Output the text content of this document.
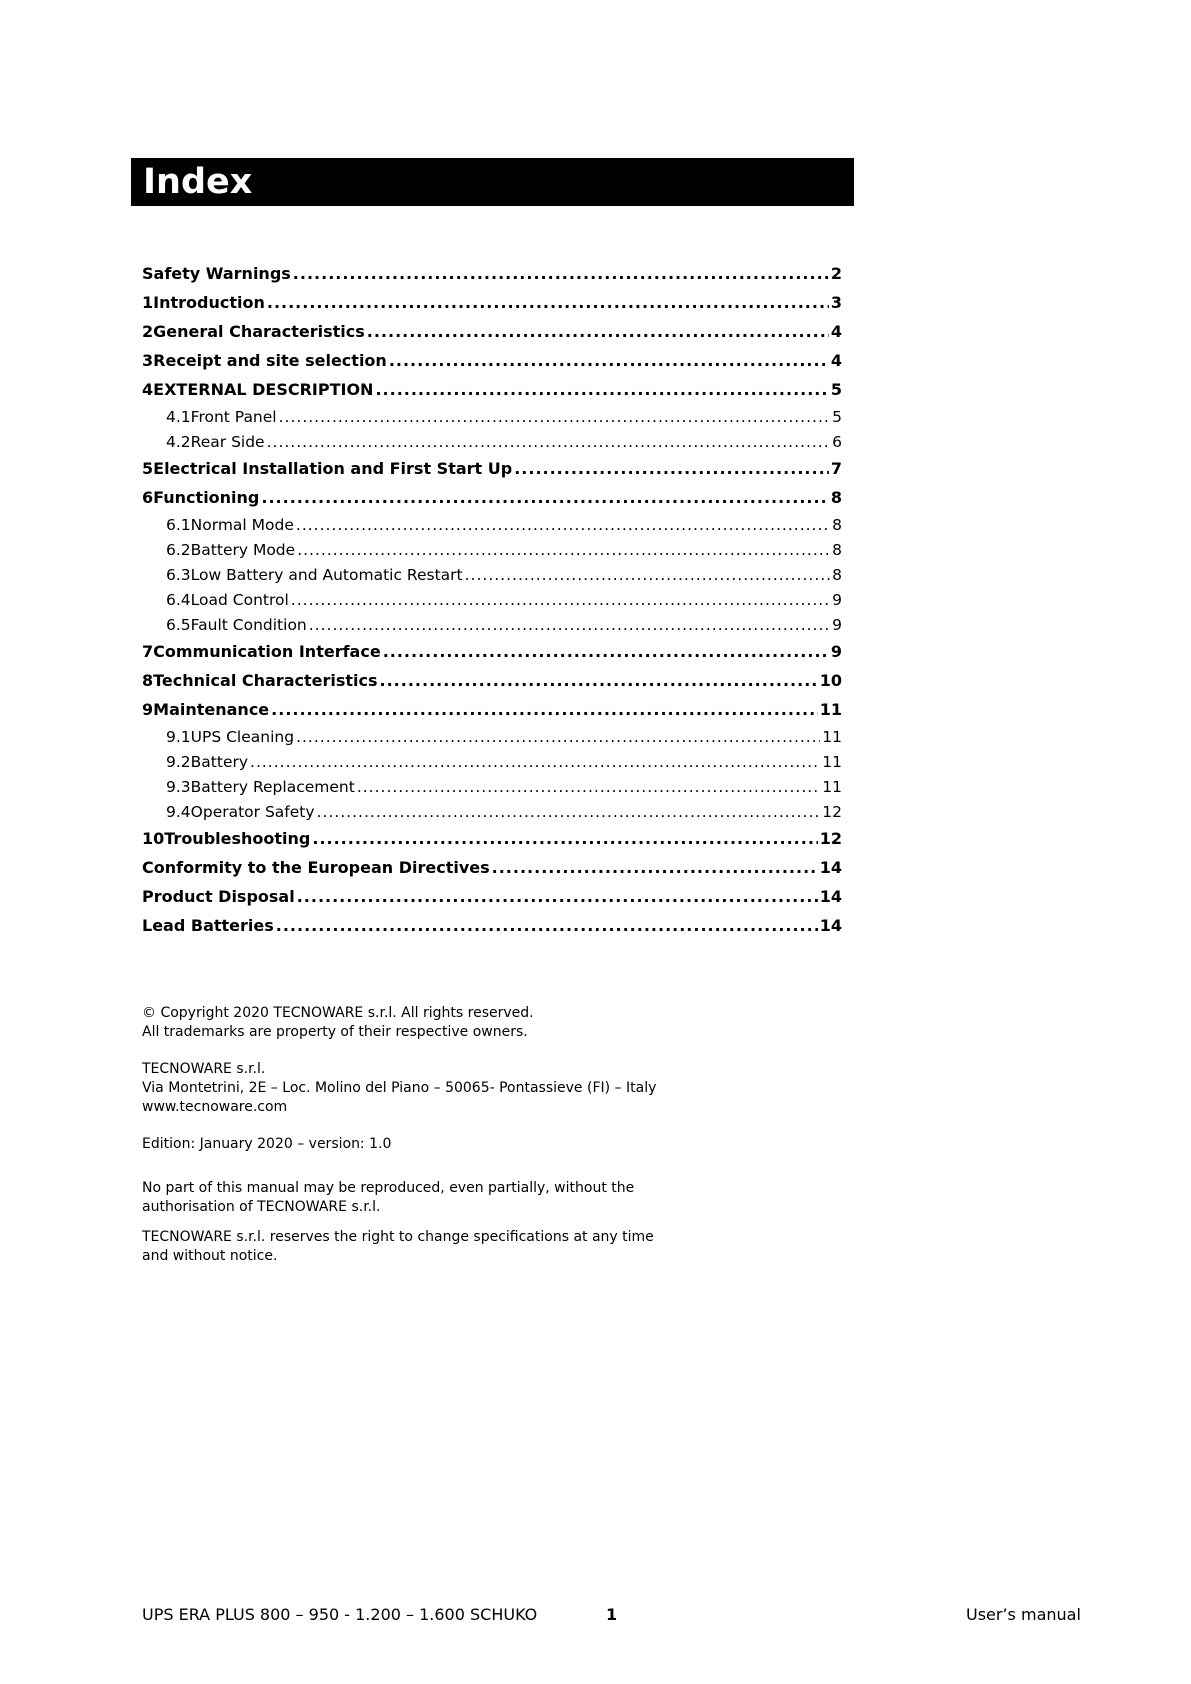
Index
Safety Warnings .....	2
1 Introduction .....	3
2 General Characteristics .....	4
3 Receipt and site selection .....	4
4 EXTERNAL DESCRIPTION .....	5
4.1 Front Panel .....	5
4.2 Rear Side .....	6
5 Electrical Installation and First Start Up .....	7
6 Functioning .....	8
6.1 Normal Mode .....	8
6.2 Battery Mode .....	8
6.3 Low Battery and Automatic Restart .....	8
6.4 Load Control .....	9
6.5 Fault Condition .....	9
7 Communication Interface .....	9
8 Technical Characteristics .....	10
9 Maintenance .....	11
9.1 UPS Cleaning .....	11
9.2 Battery .....	11
9.3 Battery Replacement .....	11
9.4 Operator Safety .....	12
10 Troubleshooting .....	12
Conformity to the European Directives .....	14
Product Disposal .....	14
Lead Batteries .....	14

© Copyright 2020 TECNOWARE s.r.l. All rights reserved.

All trademarks are property of their respective owners.

TECNOWARE s.r.l.

Via Montetrini, 2E – Loc. Molino del Piano – 50065- Pontassieve (FI) – Italy

www.tecnoware.com

Edition: January 2020 – version: 1.0

No part of this manual may be reproduced, even partially, without the

authorisation of TECNOWARE s.r.l.

TECNOWARE s.r.l. reserves the right to change specifications at any time

and without notice.

UPS ERA PLUS 800 – 950 - 1.200 – 1.600 SCHUKO	1	User’s manual
